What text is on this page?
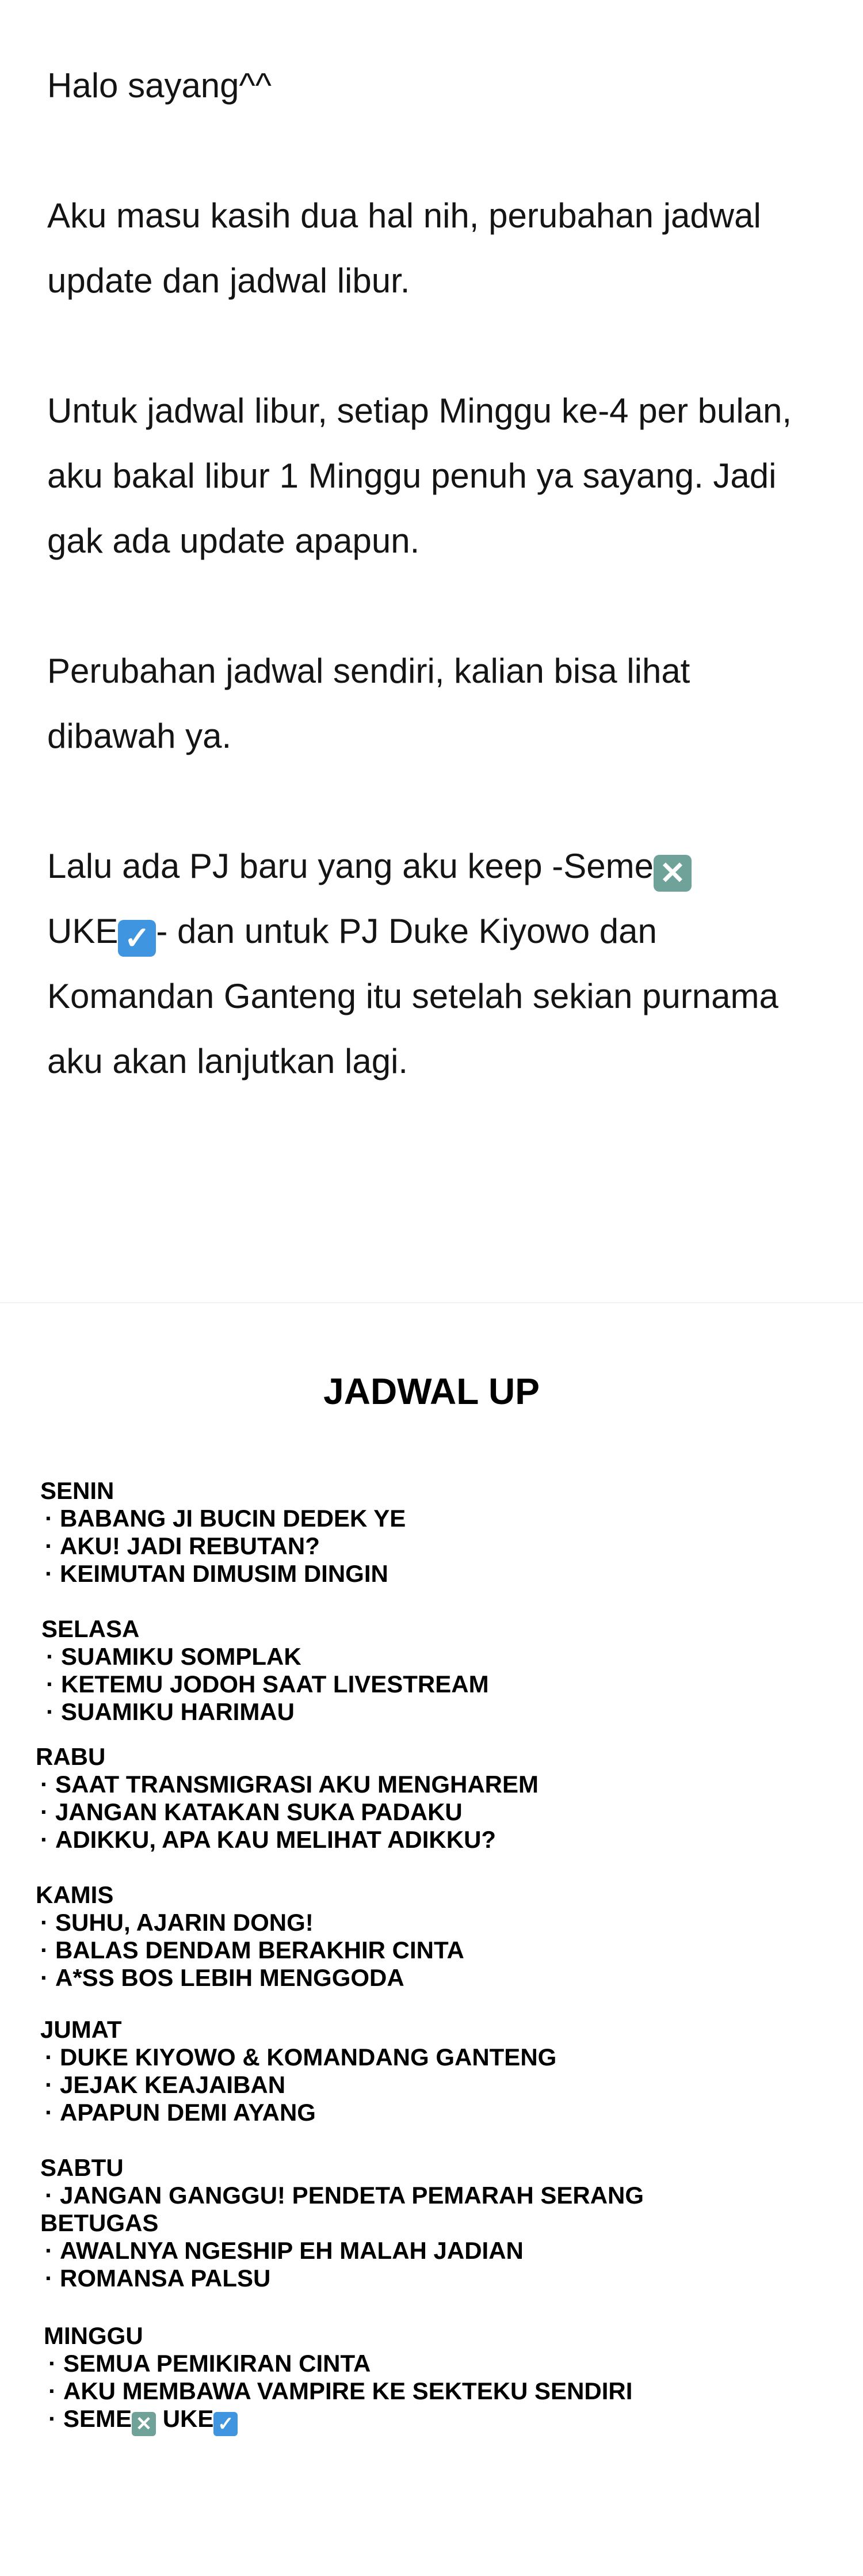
Halo sayang^^

Aku masu kasih dua hal nih, perubahan jadwal update dan jadwal libur.

Untuk jadwal libur, setiap Minggu ke-4 per bulan, aku bakal libur 1 Minggu penuh ya sayang. Jadi gak ada update apapun.

Perubahan jadwal sendiri, kalian bisa lihat dibawah ya.

Lalu ada PJ baru yang aku keep -Seme ✕
UKE ✓ - dan untuk PJ Duke Kiyowo dan Komandan Ganteng itu setelah sekian purnama aku akan lanjutkan lagi.

JADWAL UP
SENIN
· BABANG JI BUCIN DEDEK YE
· AKU! JADI REBUTAN?
· KEIMUTAN DIMUSIM DINGIN
SELASA
· SUAMIKU SOMPLAK
· KETEMU JODOH SAAT LIVESTREAM
· SUAMIKU HARIMAU
RABU
· SAAT TRANSMIGRASI AKU MENGHAREM
· JANGAN KATAKAN SUKA PADAKU
· ADIKKU, APA KAU MELIHAT ADIKKU?
KAMIS
· SUHU, AJARIN DONG!
· BALAS DENDAM BERAKHIR CINTA
· A*SS BOS LEBIH MENGGODA
JUMAT
· DUKE KIYOWO & KOMANDANG GANTENG
· JEJAK KEAJAIBAN
· APAPUN DEMI AYANG
SABTU
· JANGAN GANGGU! PENDETA PEMARAH SERANG
BETUGAS
· AWALNYA NGESHIP EH MALAH JADIAN
· ROMANSA PALSU
MINGGU
· SEMUA PEMIKIRAN CINTA
· AKU MEMBAWA VAMPIRE KE SEKTEKU SENDIRI
· SEME ✕ UKE ✓
